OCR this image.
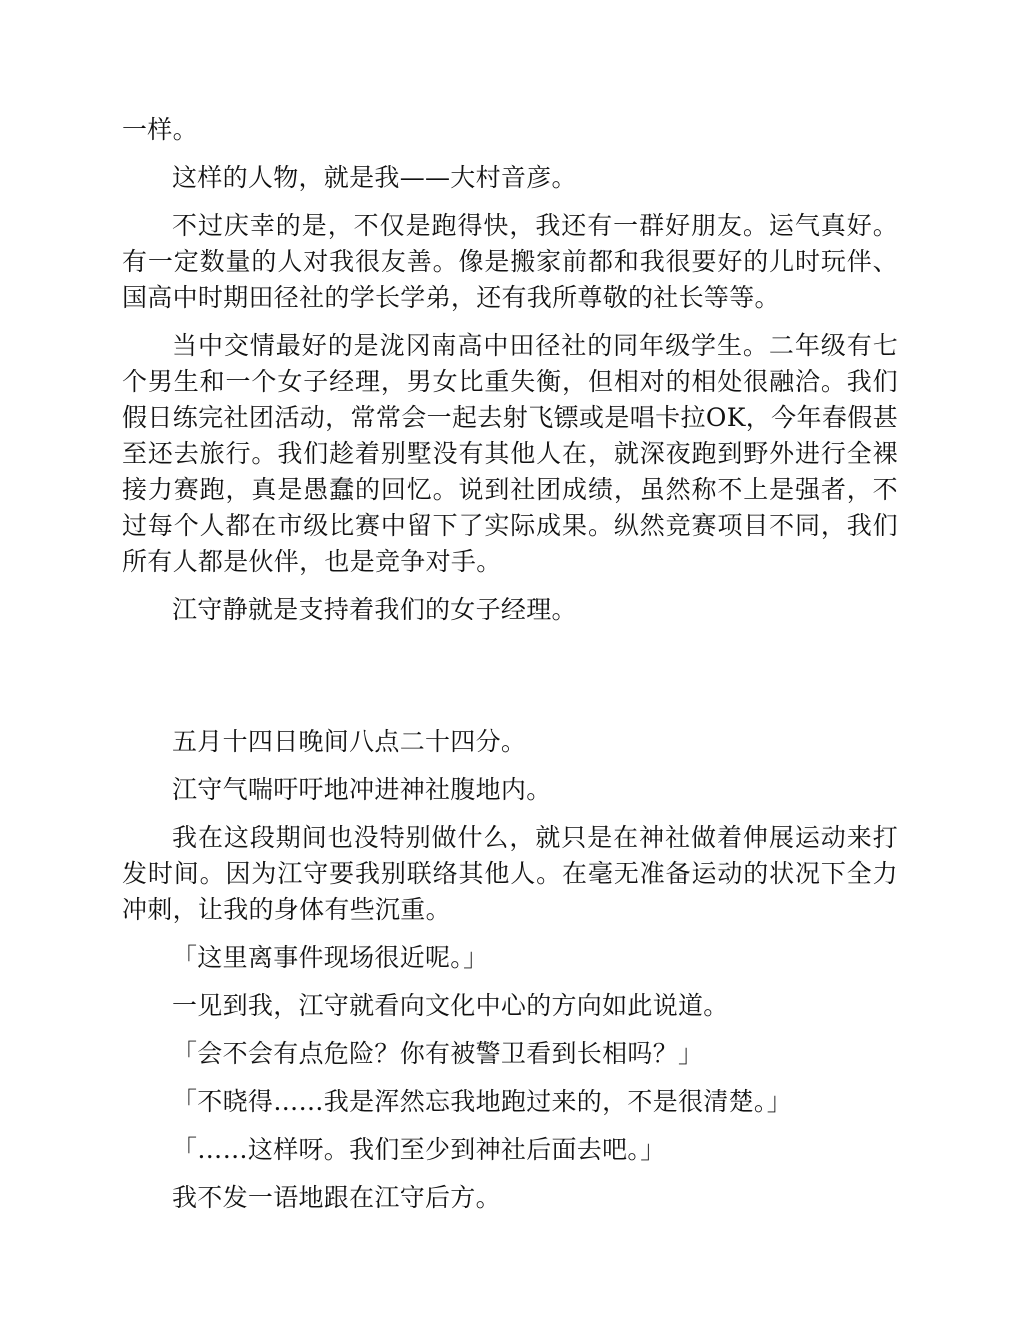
一样。

这样的人物，就是我——大村音彦。

不过庆幸的是，不仅是跑得快，我还有一群好朋友。运气真好。有一定数量的人对我很友善。像是搬家前都和我很要好的儿时玩伴、国高中时期田径社的学长学弟，还有我所尊敬的社长等等。

当中交情最好的是泷冈南高中田径社的同年级学生。二年级有七个男生和一个女子经理，男女比重失衡，但相对的相处很融洽。我们假日练完社团活动，常常会一起去射飞镖或是唱卡拉OK，今年春假甚至还去旅行。我们趁着别墅没有其他人在，就深夜跑到野外进行全裸接力赛跑，真是愚蠢的回忆。说到社团成绩，虽然称不上是强者，不过每个人都在市级比赛中留下了实际成果。纵然竞赛项目不同，我们所有人都是伙伴，也是竞争对手。

江守静就是支持着我们的女子经理。

五月十四日晚间八点二十四分。

江守气喘吁吁地冲进神社腹地内。

我在这段期间也没特别做什么，就只是在神社做着伸展运动来打发时间。因为江守要我别联络其他人。在毫无准备运动的状况下全力冲刺，让我的身体有些沉重。

「这里离事件现场很近呢。」

一见到我，江守就看向文化中心的方向如此说道。

「会不会有点危险？你有被警卫看到长相吗？」

「不晓得……我是浑然忘我地跑过来的，不是很清楚。」

「……这样呀。我们至少到神社后面去吧。」

我不发一语地跟在江守后方。
